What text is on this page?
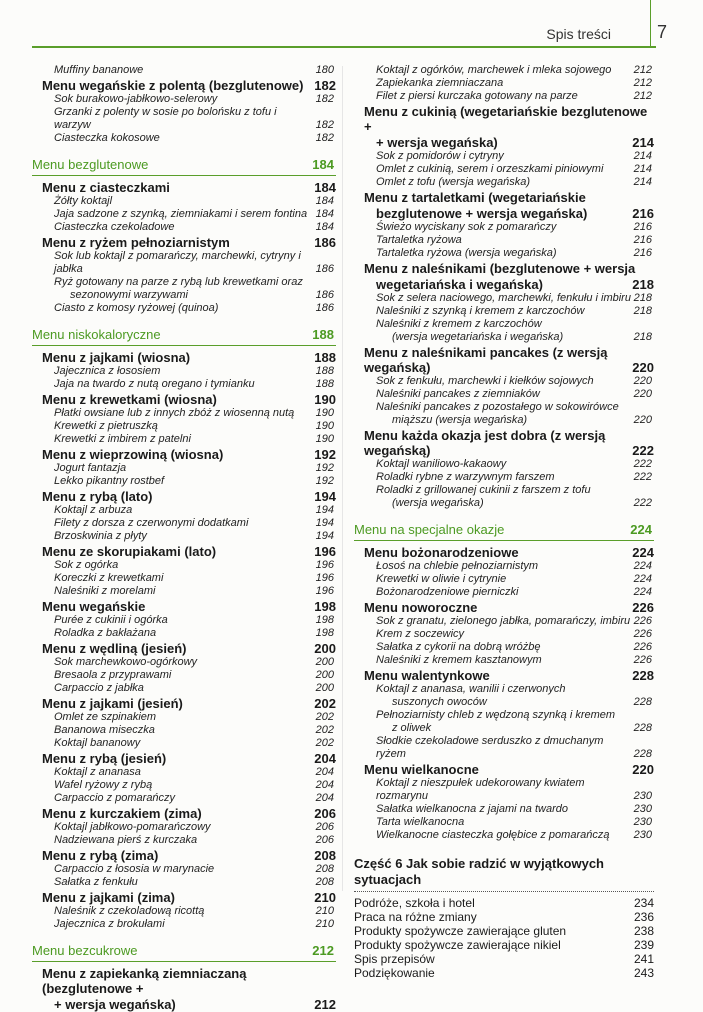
Spis treści	7
Muffiny bananowe	180
Menu wegańskie z polentą (bezglutenowe) 182
Sok burakowo-jabłkowo-selerowy	182
Grzanki z polenty w sosie po bolońsku z tofu i warzyw	182
Ciasteczka kokosowe	182
Menu bezglutenowe	184
Menu z ciasteczkami	184
Żółty koktajl	184
Jaja sadzone z szynką, ziemniakami i serem fontina 184
Ciasteczka czekoladowe	184
Menu z ryżem pełnoziarnistym	186
Sok lub koktajl z pomarańczy, marchewki, cytryny i jabłka	186
Ryż gotowany na parze z rybą lub krewetkami oraz
sezonowymi warzywami	186
Ciasto z komosy ryżowej (quinoa)	186
Menu niskokaloryczne	188
Menu z jajkami (wiosna)	188
Jajecznica z łososiem	188
Jaja na twardo z nutą oregano i tymianku	188
Menu z krewetkami (wiosna)	190
Płatki owsiane lub z innych zbóż z wiosenną nutą	190
Krewetki z pietruszką	190
Krewetki z imbirem z patelni	190
Menu z wieprzowiną (wiosna)	192
Jogurt fantazja	192
Lekko pikantny rostbef	192
Menu z rybą (lato)	194
Koktajl z arbuza	194
Filety z dorsza z czerwonymi dodatkami	194
Brzoskwinia z płyty	194
Menu ze skorupiakami (lato)	196
Sok z ogórka	196
Koreczki z krewetkami	196
Naleśniki z morelami	196
Menu wegańskie	198
Purée z cukinii i ogórka	198
Roladka z bakłażana	198
Menu z wędliną (jesień)	200
Sok marchewkowo-ogórkowy	200
Bresaola z przyprawami	200
Carpaccio z jabłka	200
Menu z jajkami (jesień)	202
Omlet ze szpinakiem	202
Bananowa miseczka	202
Koktajl bananowy	202
Menu z rybą (jesień)	204
Koktajl z ananasa	204
Wafel ryżowy z rybą	204
Carpaccio z pomarańczy	204
Menu z kurczakiem (zima)	206
Koktajl jabłkowo-pomarańczowy	206
Nadziewana pierś z kurczaka	206
Menu z rybą (zima)	208
Carpaccio z łososia w marynacie	208
Sałatka z fenkułu	208
Menu z jajkami (zima)	210
Naleśnik z czekoladową ricottą	210
Jajecznica z brokułami	210
Menu bezcukrowe	212
Menu z zapiekanką ziemniaczaną (bezglutenowe +
+ wersja wegańska)	212
Koktajl z ogórków, marchewek i mleka sojowego	212
Zapiekanka ziemniaczana	212
Filet z piersi kurczaka gotowany na parze	212
Menu z cukinią (wegetariańskie bezglutenowe +
+ wersja wegańska)	214
Sok z pomidorów i cytryny	214
Omlet z cukinią, serem i orzeszkami piniowymi	214
Omlet z tofu (wersja wegańska)	214
Menu z tartaletkami (wegetariańskie
bezglutenowe + wersja wegańska)	216
Świeżo wyciskany sok z pomarańczy	216
Tartaletka ryżowa	216
Tartaletka ryżowa (wersja wegańska)	216
Menu z naleśnikami (bezglutenowe + wersja
wegetariańska i wegańska)	218
Sok z selera naciowego, marchewki, fenkułu i imbiru 218
Naleśniki z szynką i kremem z karczochów	218
Naleśniki z kremem z karczochów
(wersja wegetariańska i wegańska)	218
Menu z naleśnikami pancakes (z wersją wegańską)	220
Sok z fenkułu, marchewki i kiełków sojowych	220
Naleśniki pancakes z ziemniaków	220
Naleśniki pancakes z pozostałego w sokowirówce
miąższu (wersja wegańska)	220
Menu każda okazja jest dobra (z wersją wegańską)	222
Koktajl waniliowo-kakaowy	222
Roladki rybne z warzywnym farszem	222
Roladki z grillowanej cukinii z farszem z tofu
(wersja wegańska)	222
Menu na specjalne okazje	224
Menu bożonarodzeniowe	224
Łosoś na chlebie pełnoziarnistym	224
Krewetki w oliwie i cytrynie	224
Bożonarodzeniowe pierniczki	224
Menu noworoczne	226
Sok z granatu, zielonego jabłka, pomarańczy, imbiru 226
Krem z soczewicy	226
Sałatka z cykorii na dobrą wróżbę	226
Naleśniki z kremem kasztanowym	226
Menu walentynkowe	228
Koktajl z ananasa, wanilii i czerwonych
suszonych owoców	228
Pełnoziarnisty chleb z wędzoną szynką i kremem
z oliwek	228
Słodkie czekoladowe serduszko z dmuchanym ryżem	228
Menu wielkanocne	220
Koktajl z nieszpułek udekorowany kwiatem rozmarynu	230
Sałatka wielkanocna z jajami na twardo	230
Tarta wielkanocna	230
Wielkanocne ciasteczka gołębice z pomarańczą	230
Część 6 Jak sobie radzić w wyjątkowych sytuacjach
Podróże, szkoła i hotel	234
Praca na różne zmiany	236
Produkty spożywcze zawierające gluten	238
Produkty spożywcze zawierające nikiel	239
Spis przepisów	241
Podziękowanie	243
